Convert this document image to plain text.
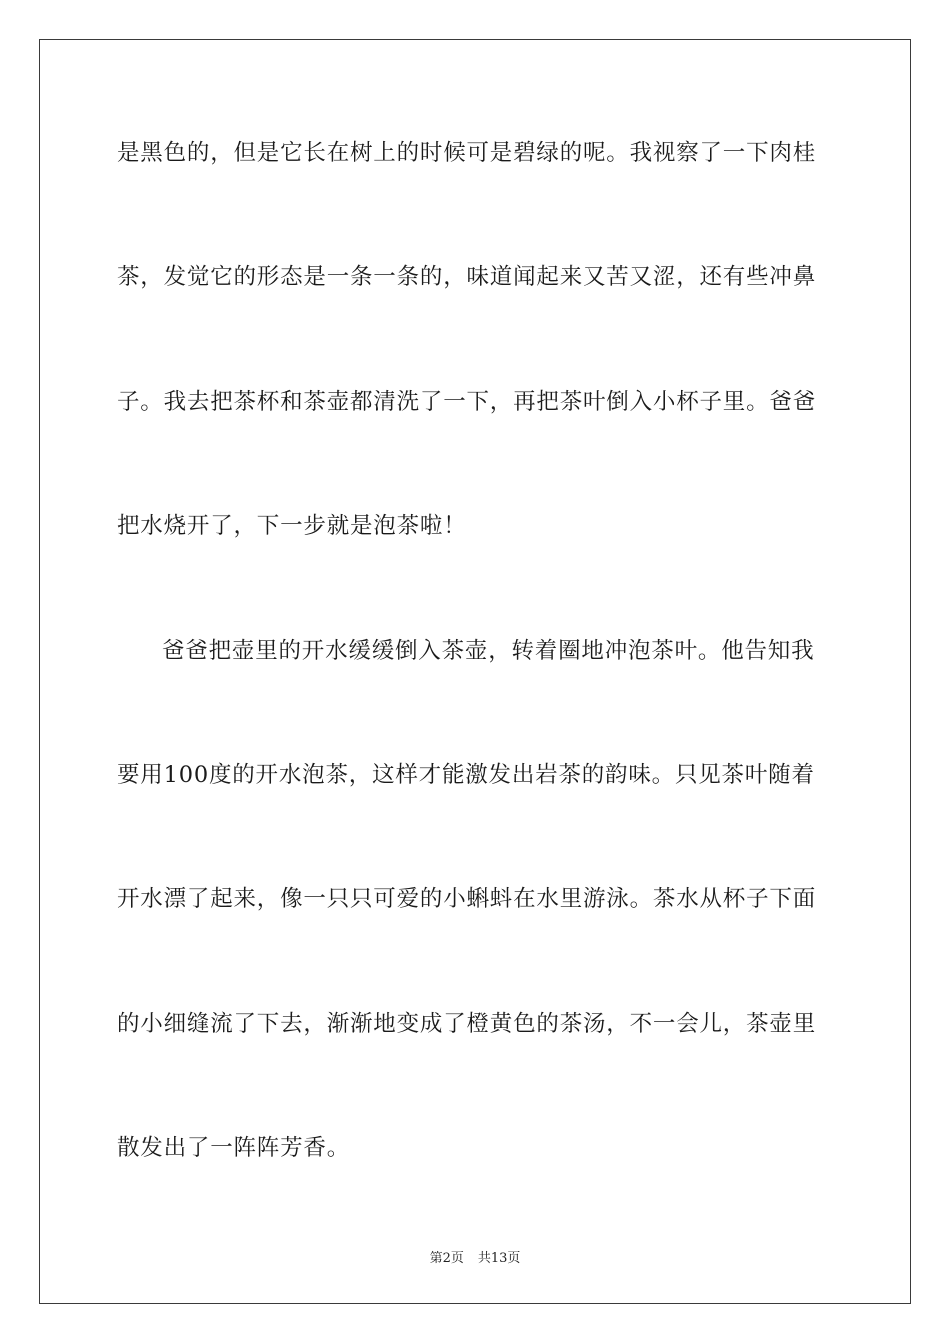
是黑色的，但是它长在树上的时候可是碧绿的呢。我视察了一下肉桂
茶，发觉它的形态是一条一条的，味道闻起来又苦又涩，还有些冲鼻
子。我去把茶杯和茶壶都清洗了一下，再把茶叶倒入小杯子里。爸爸
把水烧开了，下一步就是泡茶啦！
爸爸把壶里的开水缓缓倒入茶壶，转着圈地冲泡茶叶。他告知我
要用100度的开水泡茶，这样才能激发出岩茶的韵味。只见茶叶随着
开水漂了起来，像一只只可爱的小蝌蚪在水里游泳。茶水从杯子下面
的小细缝流了下去，渐渐地变成了橙黄色的茶汤，不一会儿，茶壶里
散发出了一阵阵芳香。
第2页 共13页
